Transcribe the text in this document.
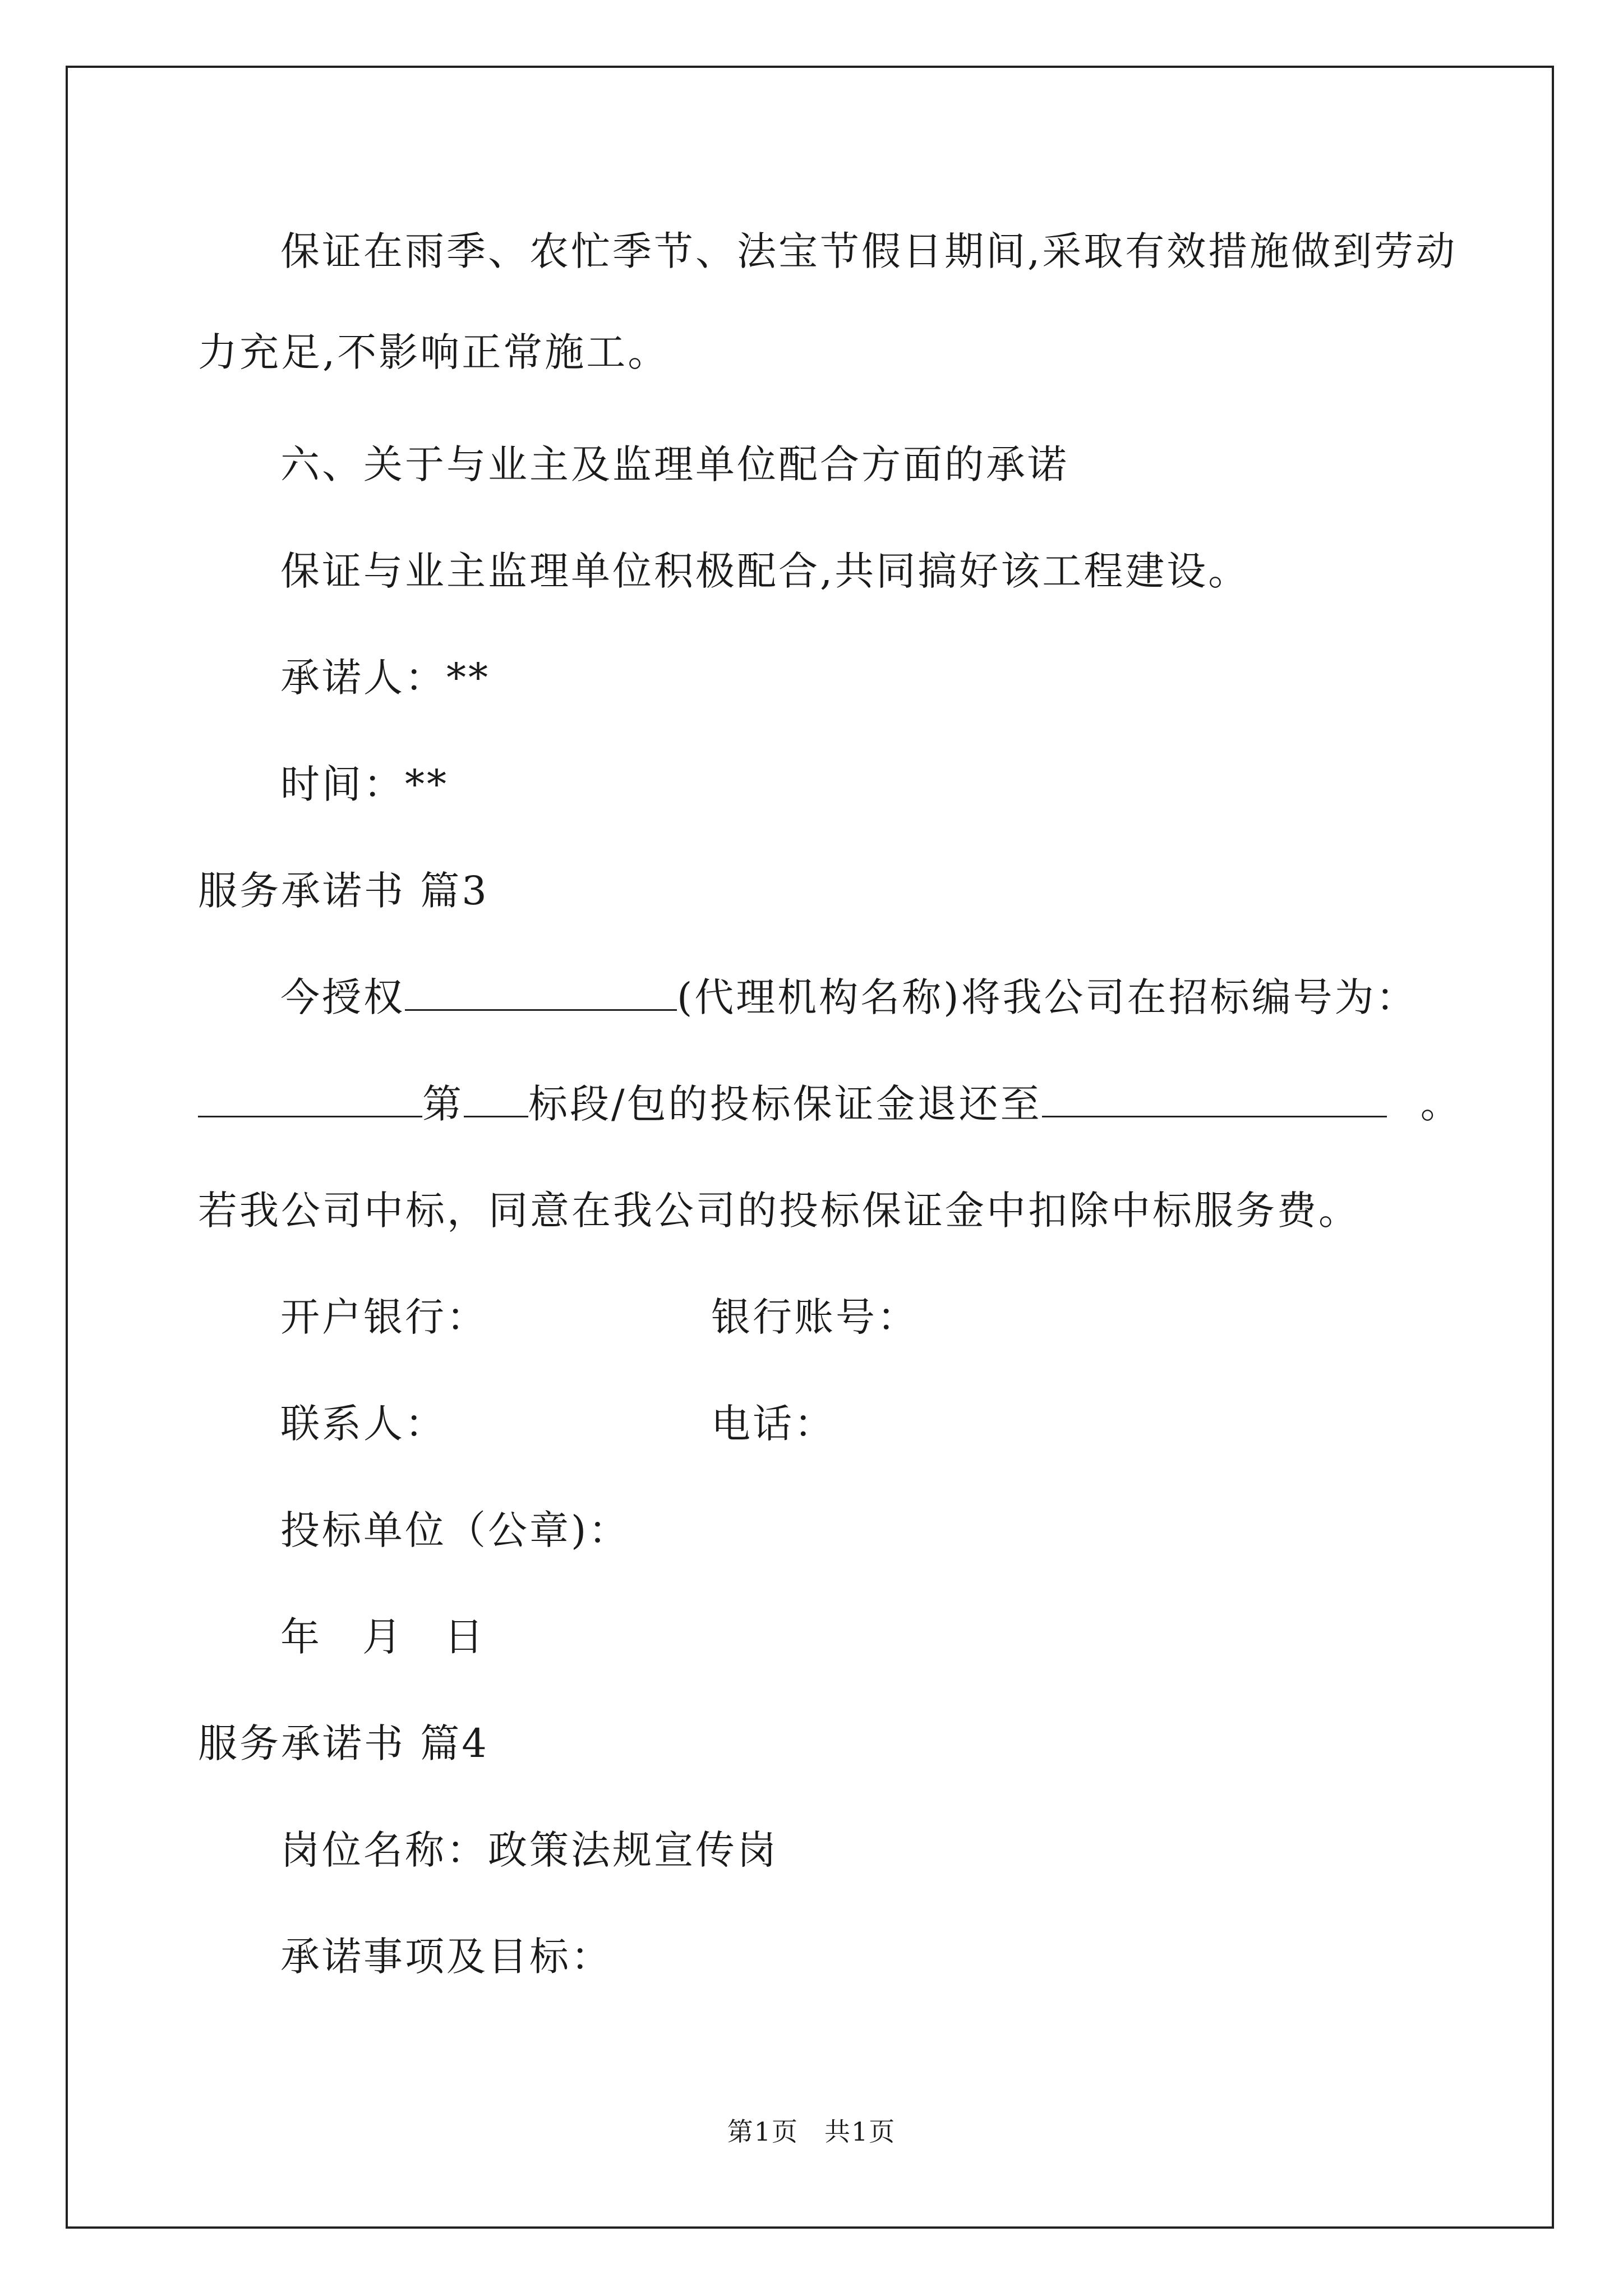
保证在雨季、农忙季节、法宝节假日期间,采取有效措施做到劳动
力充足,不影响正常施工。
六、关于与业主及监理单位配合方面的承诺
保证与业主监理单位积极配合,共同搞好该工程建设。
承诺人：**
时间：**
服务承诺书 篇3
今授权	(代理机构名称)将我公司在招标编号为：
第 标段/包的投标保证金退还至	。
若我公司中标，同意在我公司的投标保证金中扣除中标服务费。
开户银行：	银行账号：
联系人：	电话：
投标单位（公章)：
年 月 日
服务承诺书 篇4
岗位名称：政策法规宣传岗
承诺事项及目标：
第1页 共1页
